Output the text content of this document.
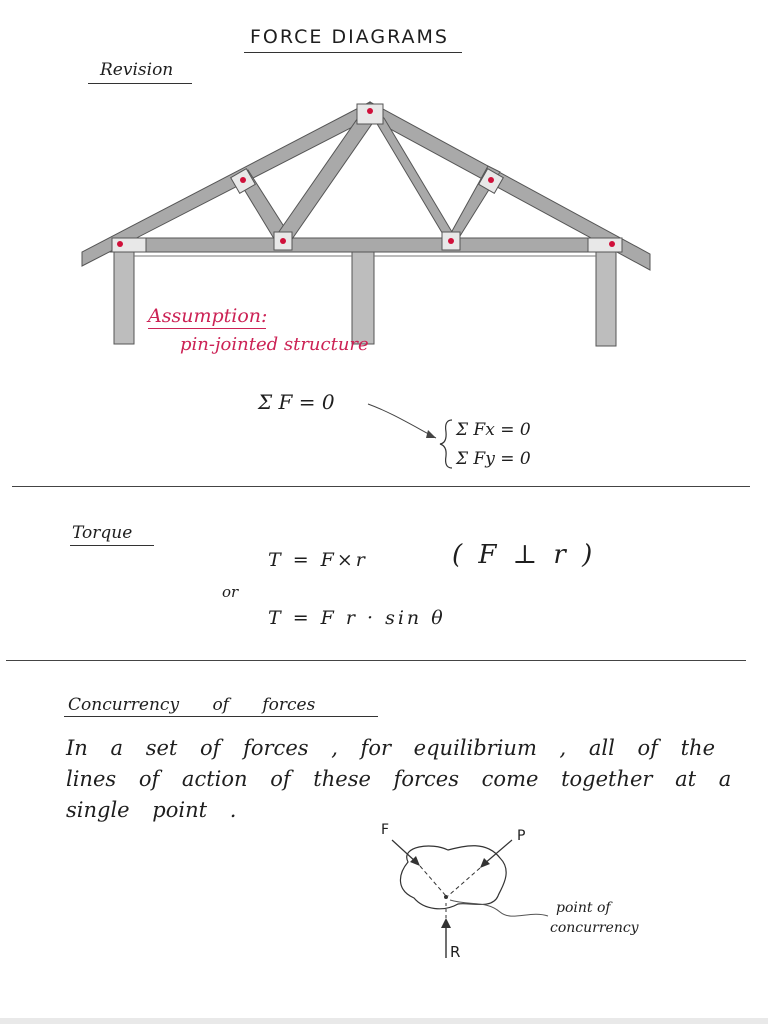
FORCE DIAGRAMS
Revision
Assumption:
pin-jointed structure
Σ F = 0
Σ Fx = 0
Σ Fy = 0
Torque
T = F×r	( F ⊥ r )
or
T = F r · sin θ
Concurrency of forces
In a set of forces , for equilibrium , all of the
lines of action of these forces come together at a
single point .
F	P
R
point of
concurrency
